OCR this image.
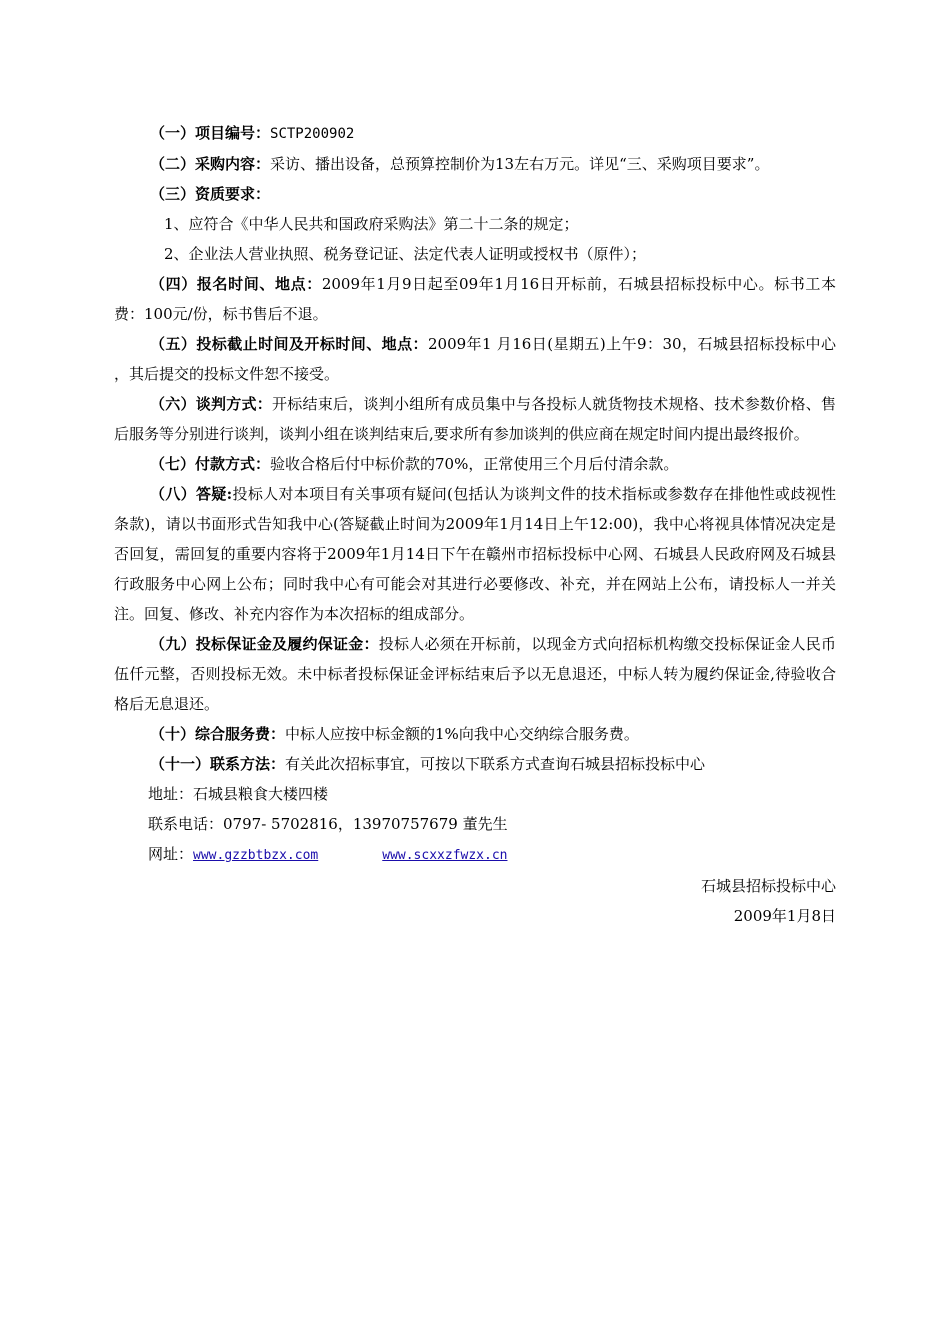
（一）项目编号：SCTP200902

（二）采购内容：采访、播出设备，总预算控制价为13左右万元。详见“三、采购项目要求”。

（三）资质要求：

1、应符合《中华人民共和国政府采购法》第二十二条的规定；

2、企业法人营业执照、税务登记证、法定代表人证明或授权书（原件）；

（四）报名时间、地点：2009年1月9日起至09年1月16日开标前，石城县招标投标中心。标书工本费：100元/份，标书售后不退。

（五）投标截止时间及开标时间、地点：2009年1 月16日(星期五)上午9：30，石城县招标投标中心 ，其后提交的投标文件恕不接受。

（六）谈判方式：开标结束后，谈判小组所有成员集中与各投标人就货物技术规格、技术参数价格、售后服务等分别进行谈判，谈判小组在谈判结束后,要求所有参加谈判的供应商在规定时间内提出最终报价。

（七）付款方式：验收合格后付中标价款的70%，正常使用三个月后付清余款。

（八）答疑:投标人对本项目有关事项有疑问(包括认为谈判文件的技术指标或参数存在排他性或歧视性条款)，请以书面形式告知我中心(答疑截止时间为2009年1月14日上午12:00)，我中心将视具体情况决定是否回复，需回复的重要内容将于2009年1月14日下午在赣州市招标投标中心网、石城县人民政府网及石城县行政服务中心网上公布；同时我中心有可能会对其进行必要修改、补充，并在网站上公布，请投标人一并关注。回复、修改、补充内容作为本次招标的组成部分。

（九）投标保证金及履约保证金：投标人必须在开标前，以现金方式向招标机构缴交投标保证金人民币伍仟元整，否则投标无效。未中标者投标保证金评标结束后予以无息退还，中标人转为履约保证金,待验收合格后无息退还。

（十）综合服务费：中标人应按中标金额的1%向我中心交纳综合服务费。

（十一）联系方法：有关此次招标事宜，可按以下联系方式查询石城县招标投标中心

地址：石城县粮食大楼四楼

联系电话：0797- 5702816，13970757679 董先生

网址：www.gzzbtbzx.com	www.scxxzfwzx.cn

石城县招标投标中心

2009年1月8日
